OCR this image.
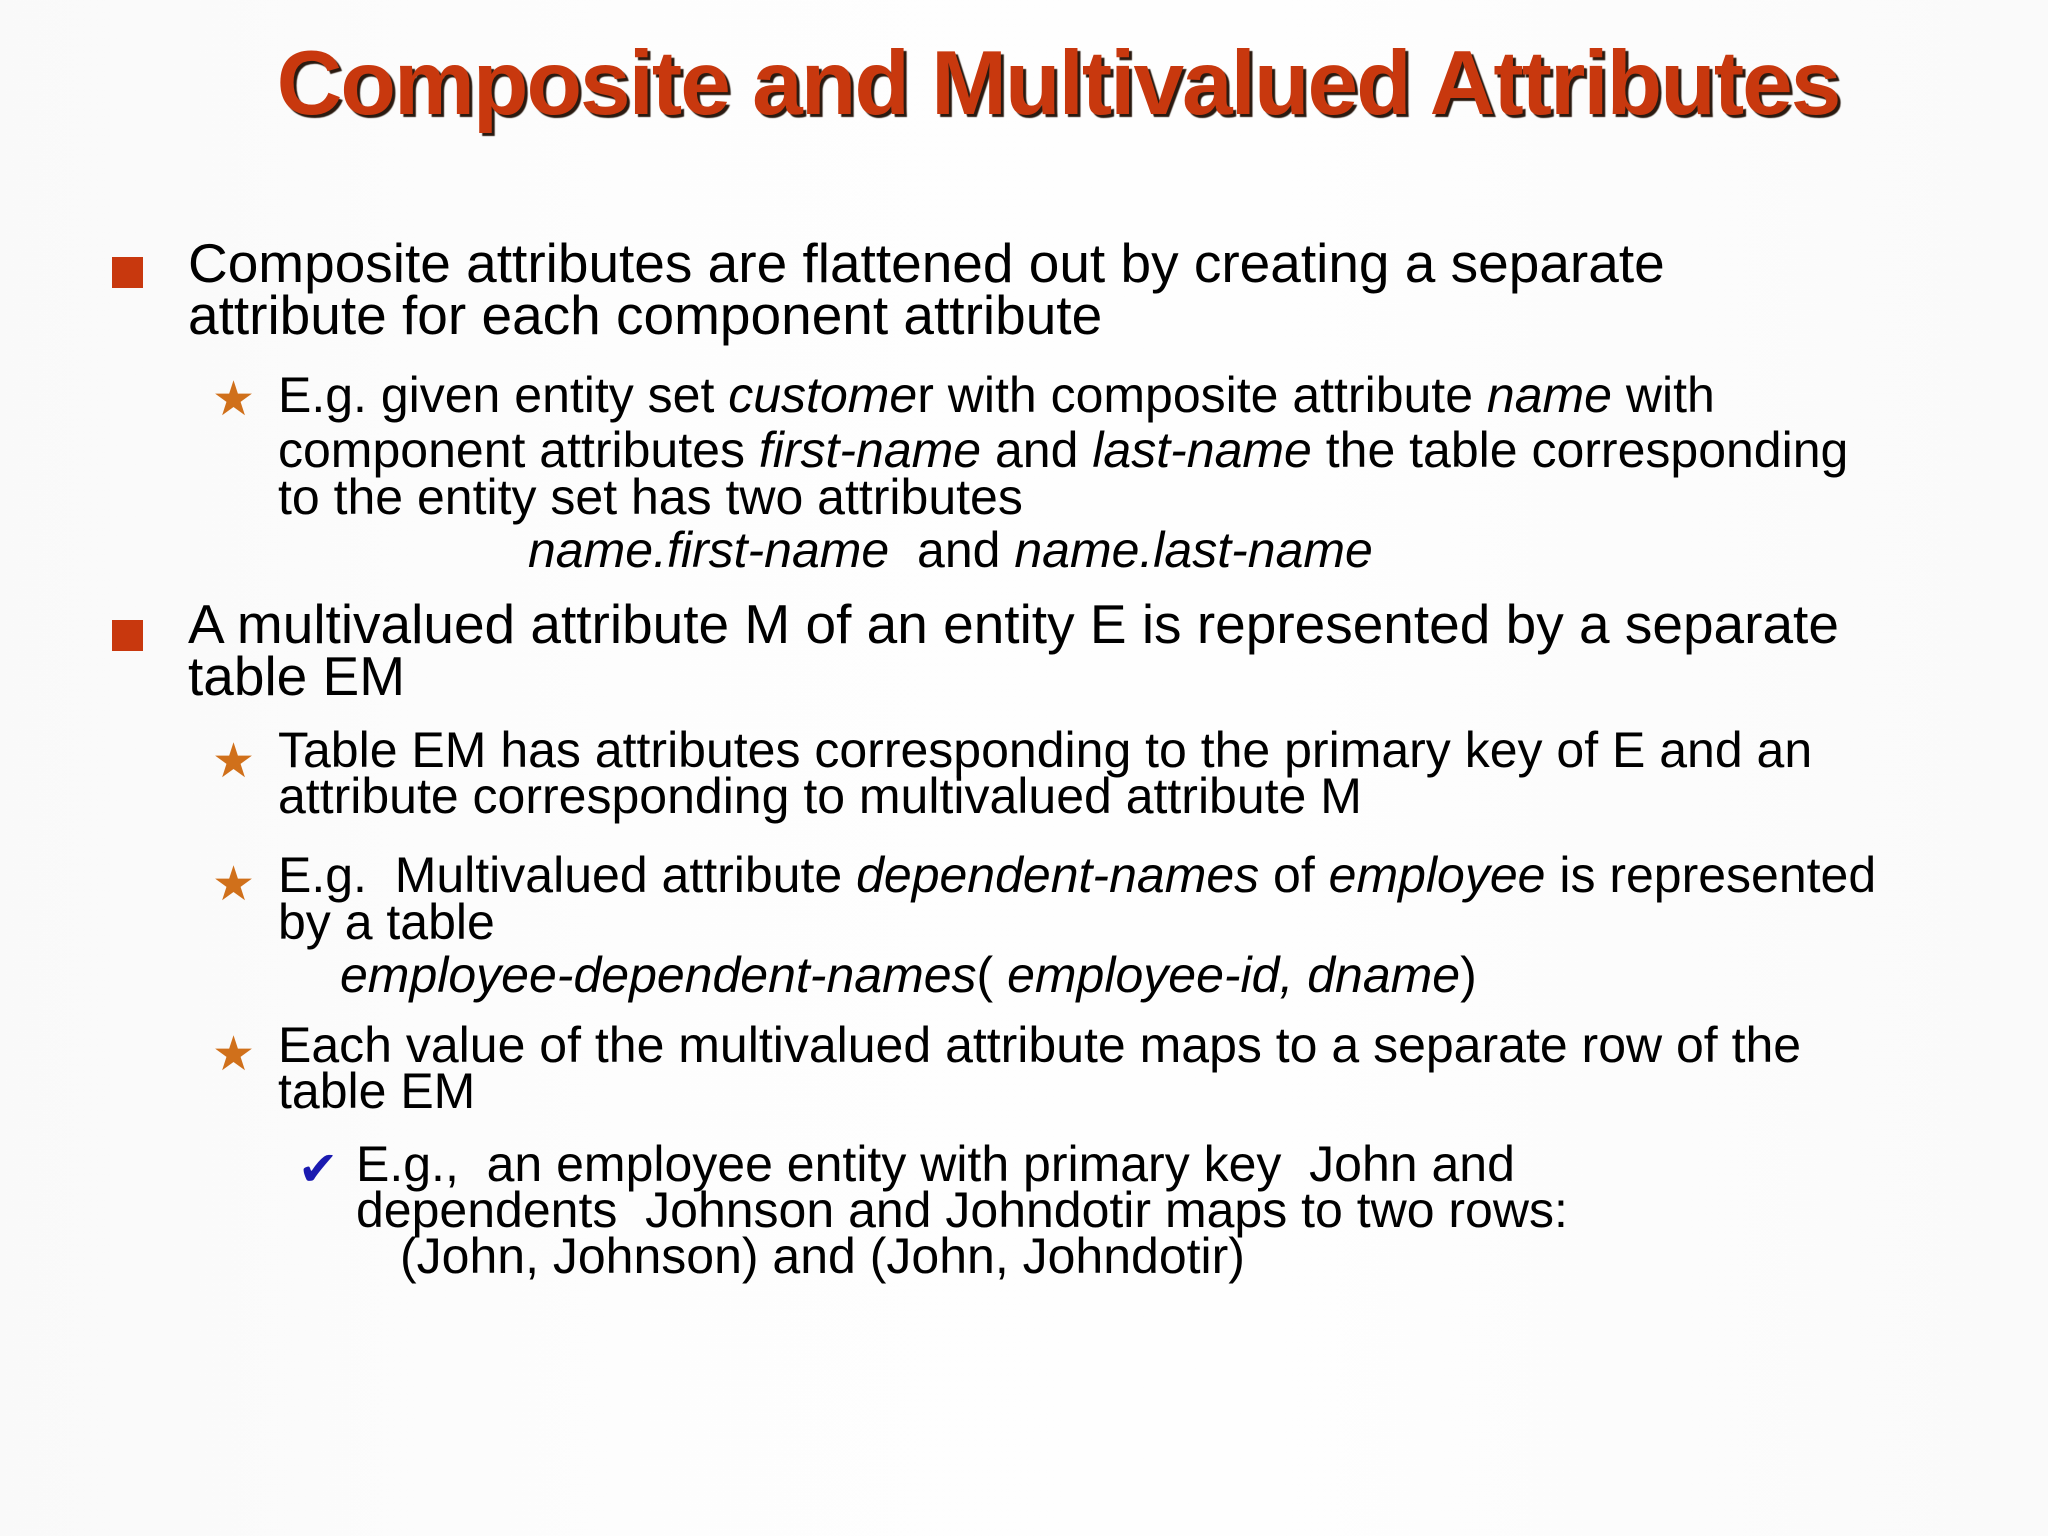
Composite and Multivalued Attributes
Composite attributes are flattened out by creating a separate
attribute for each component attribute
★ E.g. given entity set customer with composite attribute name with
component attributes first-name and last-name the table corresponding
to the entity set has two attributes
name.first-name  and name.last-name
A multivalued attribute M of an entity E is represented by a separate
table EM
★ Table EM has attributes corresponding to the primary key of E and an
attribute corresponding to multivalued attribute M
★ E.g.  Multivalued attribute dependent-names of employee is represented
by a table
employee-dependent-names( employee-id, dname)
★ Each value of the multivalued attribute maps to a separate row of the
table EM
✔ E.g.,  an employee entity with primary key  John and
dependents  Johnson and Johndotir maps to two rows:
(John, Johnson) and (John, Johndotir)
